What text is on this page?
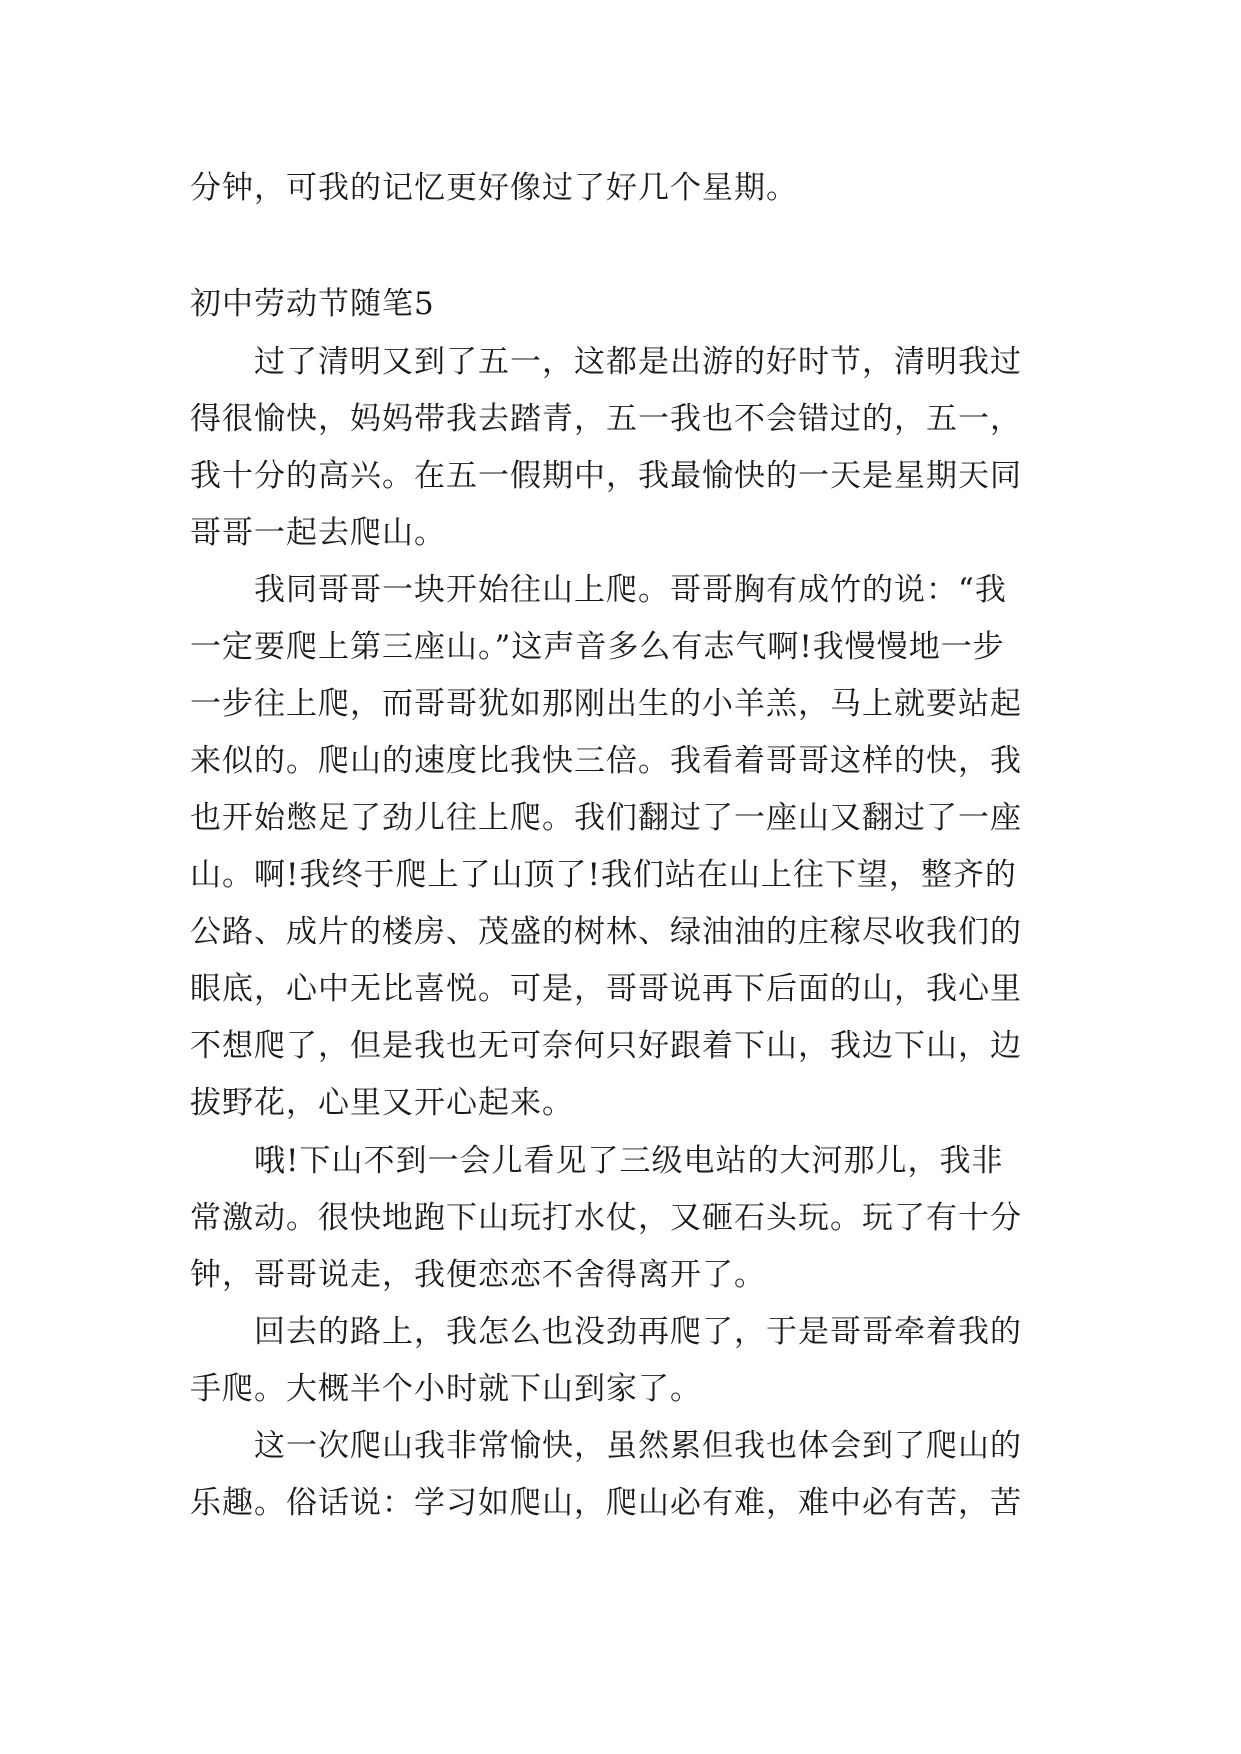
分钟，可我的记忆更好像过了好几个星期。
初中劳动节随笔5
　　过了清明又到了五一，这都是出游的好时节，清明我过
得很愉快，妈妈带我去踏青，五一我也不会错过的，五一，
我十分的高兴。在五一假期中，我最愉快的一天是星期天同
哥哥一起去爬山。
　　我同哥哥一块开始往山上爬。哥哥胸有成竹的说：“我
一定要爬上第三座山。”这声音多么有志气啊!我慢慢地一步
一步往上爬，而哥哥犹如那刚出生的小羊羔，马上就要站起
来似的。爬山的速度比我快三倍。我看着哥哥这样的快，我
也开始憋足了劲儿往上爬。我们翻过了一座山又翻过了一座
山。啊!我终于爬上了山顶了!我们站在山上往下望，整齐的
公路、成片的楼房、茂盛的树林、绿油油的庄稼尽收我们的
眼底，心中无比喜悦。可是，哥哥说再下后面的山，我心里
不想爬了，但是我也无可奈何只好跟着下山，我边下山，边
拔野花，心里又开心起来。
　　哦!下山不到一会儿看见了三级电站的大河那儿，我非
常激动。很快地跑下山玩打水仗，又砸石头玩。玩了有十分
钟，哥哥说走，我便恋恋不舍得离开了。
　　回去的路上，我怎么也没劲再爬了，于是哥哥牵着我的
手爬。大概半个小时就下山到家了。
　　这一次爬山我非常愉快，虽然累但我也体会到了爬山的
乐趣。俗话说：学习如爬山，爬山必有难，难中必有苦，苦
